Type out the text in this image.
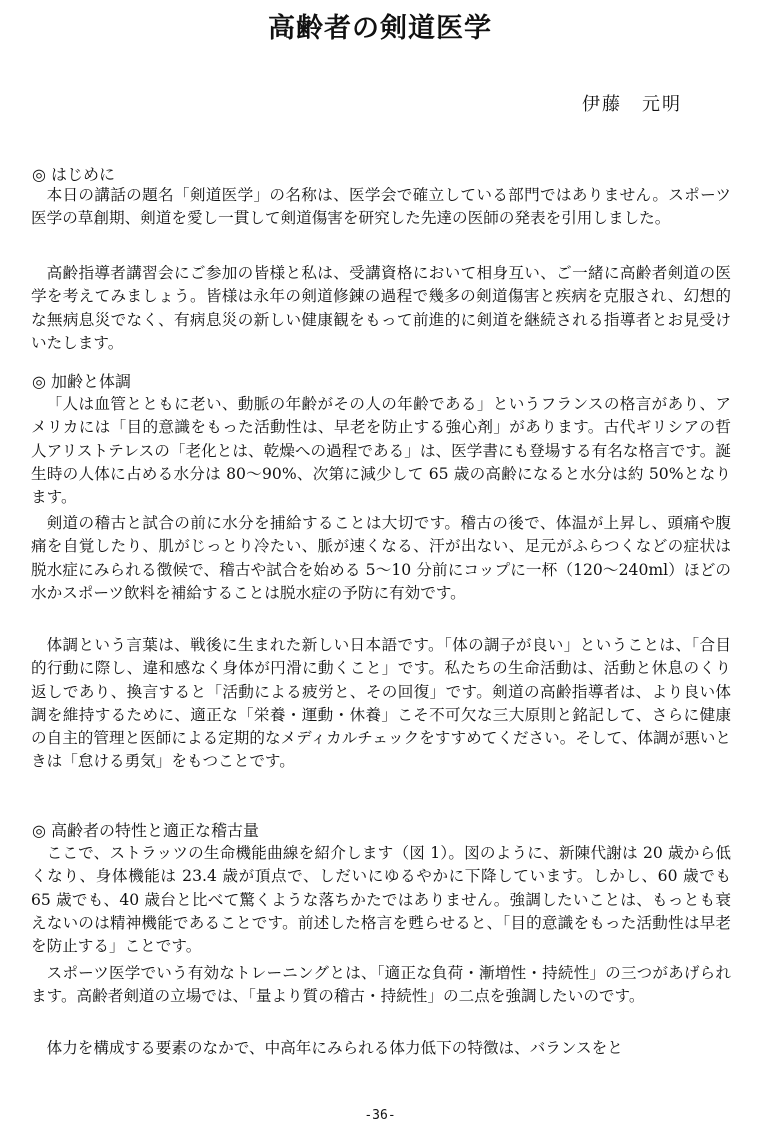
高齢者の剣道医学
伊藤　元明
◎ はじめに

本日の講話の題名「剣道医学」の名称は、医学会で確立している部門ではありません。スポーツ医学の草創期、剣道を愛し一貫して剣道傷害を研究した先達の医師の発表を引用しました。

高齢指導者講習会にご参加の皆様と私は、受講資格において相身互い、ご一緒に高齢者剣道の医学を考えてみましょう。皆様は永年の剣道修錬の過程で幾多の剣道傷害と疾病を克服され、幻想的な無病息災でなく、有病息災の新しい健康観をもって前進的に剣道を継続される指導者とお見受けいたします。

◎ 加齢と体調

「人は血管とともに老い、動脈の年齢がその人の年齢である」というフランスの格言があり、アメリカには「目的意識をもった活動性は、早老を防止する強心剤」があります。古代ギリシアの哲人アリストテレスの「老化とは、乾燥への過程である」は、医学書にも登場する有名な格言です。誕生時の人体に占める水分は 80～90%、次第に減少して 65 歳の高齢になると水分は約 50%となります。

剣道の稽古と試合の前に水分を捕給することは大切です。稽古の後で、体温が上昇し、頭痛や腹痛を自覚したり、肌がじっとり冷たい、脈が速くなる、汗が出ない、足元がふらつくなどの症状は脱水症にみられる徴候で、稽古や試合を始める 5～10 分前にコップに一杯（120～240ml）ほどの水かスポーツ飲料を補給することは脱水症の予防に有効です。

体調という言葉は、戦後に生まれた新しい日本語です。「体の調子が良い」ということは、「合目的行動に際し、違和感なく身体が円滑に動くこと」です。私たちの生命活動は、活動と休息のくり返しであり、換言すると「活動による疲労と、その回復」です。剣道の高齢指導者は、より良い体調を維持するために、適正な「栄養・運動・休養」こそ不可欠な三大原則と銘記して、さらに健康の自主的管理と医師による定期的なメディカルチェックをすすめてください。そして、体調が悪いときは「怠ける勇気」をもつことです。

◎ 高齢者の特性と適正な稽古量

ここで、ストラッツの生命機能曲線を紹介します（図 1）。図のように、新陳代謝は 20 歳から低くなり、身体機能は 23.4 歳が頂点で、しだいにゆるやかに下降しています。しかし、60 歳でも 65 歳でも、40 歳台と比べて驚くような落ちかたではありません。強調したいことは、もっとも衰えないのは精神機能であることです。前述した格言を甦らせると、「目的意識をもった活動性は早老を防止する」ことです。

スポーツ医学でいう有効なトレーニングとは、「適正な負荷・漸増性・持続性」の三つがあげられます。高齢者剣道の立場では、「量より質の稽古・持続性」の二点を強調したいのです。

体力を構成する要素のなかで、中高年にみられる体力低下の特徴は、バランスをと

-36-
